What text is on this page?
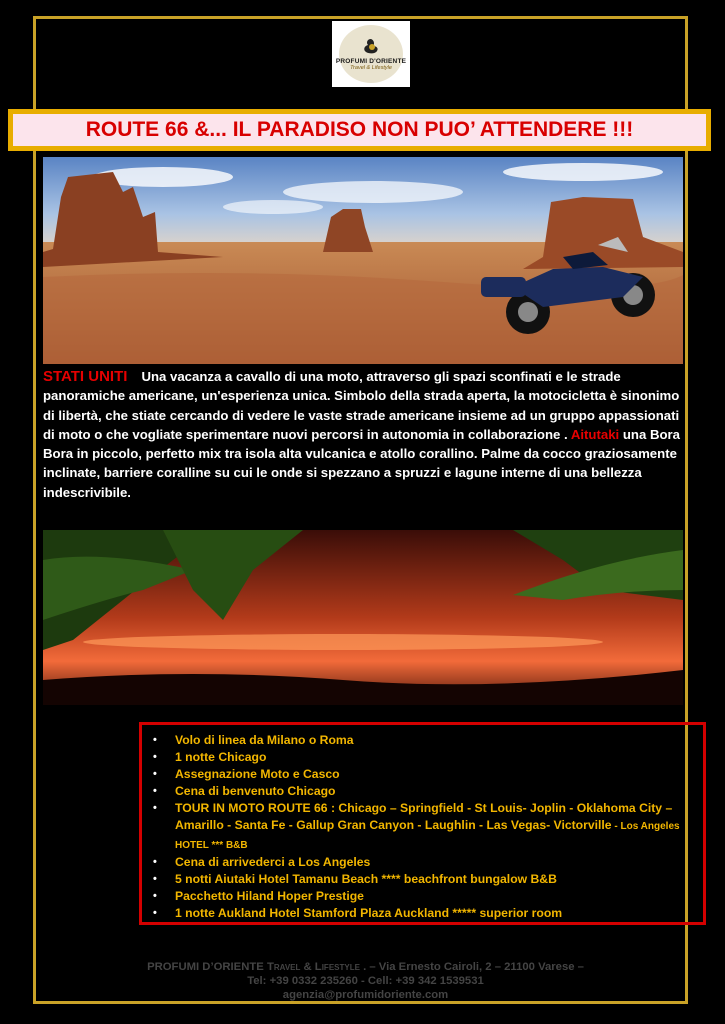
PROFUMI D'ORIENTE
Travel & Lifestyle
ROUTE 66 &... IL PARADISO NON PUO’ ATTENDERE !!!
STATI UNITI Una vacanza a cavallo di una moto, attraverso gli spazi sconfinati e le strade panoramiche americane, un'esperienza unica. Simbolo della strada aperta, la motocicletta è sinonimo di libertà, che stiate cercando di vedere le vaste strade americane insieme ad un gruppo appassionati di moto o che vogliate sperimentare nuovi percorsi in autonomia in collaborazione . Aitutaki una Bora Bora in piccolo, perfetto mix tra isola alta vulcanica e atollo corallino. Palme da cocco graziosamente inclinate, barriere coralline su cui le onde si spezzano a spruzzi e lagune interne di una bellezza indescrivibile.
• Volo di linea da Milano o Roma
• 1 notte Chicago
• Assegnazione Moto e Casco
• Cena di benvenuto Chicago
• TOUR IN MOTO ROUTE 66 : Chicago – Springfield - St Louis- Joplin - Oklahoma City – Amarillo - Santa Fe - Gallup Gran Canyon - Laughlin - Las Vegas- Victorville - Los Angeles HOTEL *** B&B
• Cena di arrivederci a Los Angeles
• 5 notti Aiutaki Hotel Tamanu Beach **** beachfront bungalow B&B
• Pacchetto Hiland Hoper Prestige
• 1 notte Aukland Hotel Stamford Plaza Auckland ***** superior room
PROFUMI D’ORIENTE Travel & Lifestyle . – Via Ernesto Cairoli, 2 – 21100 Varese –
Tel: +39 0332 235260 - Cell: +39 342 1539531
agenzia@profumidoriente.com
